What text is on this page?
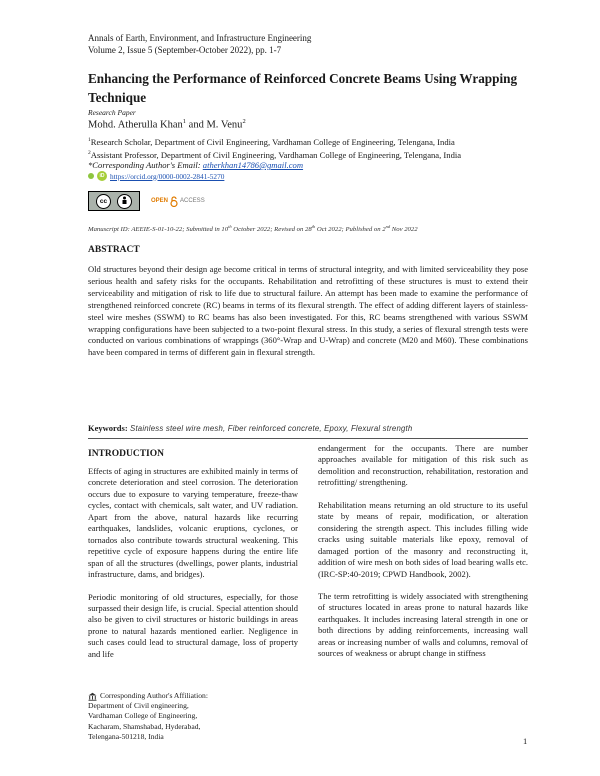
Annals of Earth, Environment, and Infrastructure Engineering
Volume 2, Issue 5 (September-October 2022), pp. 1-7
Enhancing the Performance of Reinforced Concrete Beams Using Wrapping Technique
Research Paper
Mohd. Atherulla Khan$^1$ and M. Venu$^2$
$^1$Research Scholar, Department of Civil Engineering, Vardhaman College of Engineering, Telengana, India
$^2$Assistant Professor, Department of Civil Engineering, Vardhaman College of Engineering, Telengana, India
*Corresponding Author's Email: atherkhan14786@gmail.com
iD https://orcid.org/0000-0002-2841-5270
cc	OPEN ACCESS
Manuscript ID: AEEIE-S-01-10-22; Submitted in 10th October 2022; Revised on 28th Oct 2022; Published on 2nd Nov 2022
ABSTRACT
Old structures beyond their design age become critical in terms of structural integrity, and with limited serviceability they pose serious health and safety risks for the occupants. Rehabilitation and retrofitting of these structures is must to extend their serviceability and mitigation of risk to life due to structural failure. An attempt has been made to examine the performance of strengthened reinforced concrete (RC) beams in terms of its flexural strength. The effect of adding different layers of stainless-steel wire meshes (SSWM) to RC beams has also been investigated. For this, RC beams strengthened with various SSWM wrapping configurations have been subjected to a two-point flexural stress. In this study, a series of flexural strength tests were conducted on various combinations of wrappings (360°-Wrap and U-Wrap) and concrete (M20 and M60). These combinations have been compared in terms of different gain in flexural strength.
Keywords: Stainless steel wire mesh, Fiber reinforced concrete, Epoxy, Flexural strength
INTRODUCTION

Effects of aging in structures are exhibited mainly in terms of concrete deterioration and steel corrosion. The deterioration occurs due to exposure to varying temperature, freeze-thaw cycles, contact with chemicals, salt water, and UV radiation. Apart from the above, natural hazards like recurring earthquakes, landslides, volcanic eruptions, cyclones, or tornados also contribute towards structural weakening. This repetitive cycle of exposure happens during the entire life span of all the structures (dwellings, power plants, industrial infrastructure, dams, and bridges).

Periodic monitoring of old structures, especially, for those surpassed their design life, is crucial. Special attention should also be given to civil structures or historic buildings in areas prone to natural hazards mentioned earlier. Negligence in such cases could lead to structural damage, loss of property and life

endangerment for the occupants. There are number approaches available for mitigation of this risk such as demolition and reconstruction, rehabilitation, restoration and retrofitting/ strengthening.

Rehabilitation means returning an old structure to its useful state by means of repair, modification, or alteration considering the strength aspect. This includes filling wide cracks using suitable materials like epoxy, removal of damaged portion of the masonry and reconstructing it, addition of wire mesh on both sides of load bearing walls etc. (IRC-SP:40-2019; CPWD Handbook, 2002).

The term retrofitting is widely associated with strengthening of structures located in areas prone to natural hazards like earthquakes. It includes increasing lateral strength in one or both directions by adding reinforcements, increasing wall areas or increasing number of walls and columns, removal of sources of weakness or abrupt change in stiffness

Corresponding Author's Affiliation:
Department of Civil engineering,
Vardhaman College of Engineering,
Kacharam, Shamshabad, Hyderabad,
Telengana-501218, India	1
